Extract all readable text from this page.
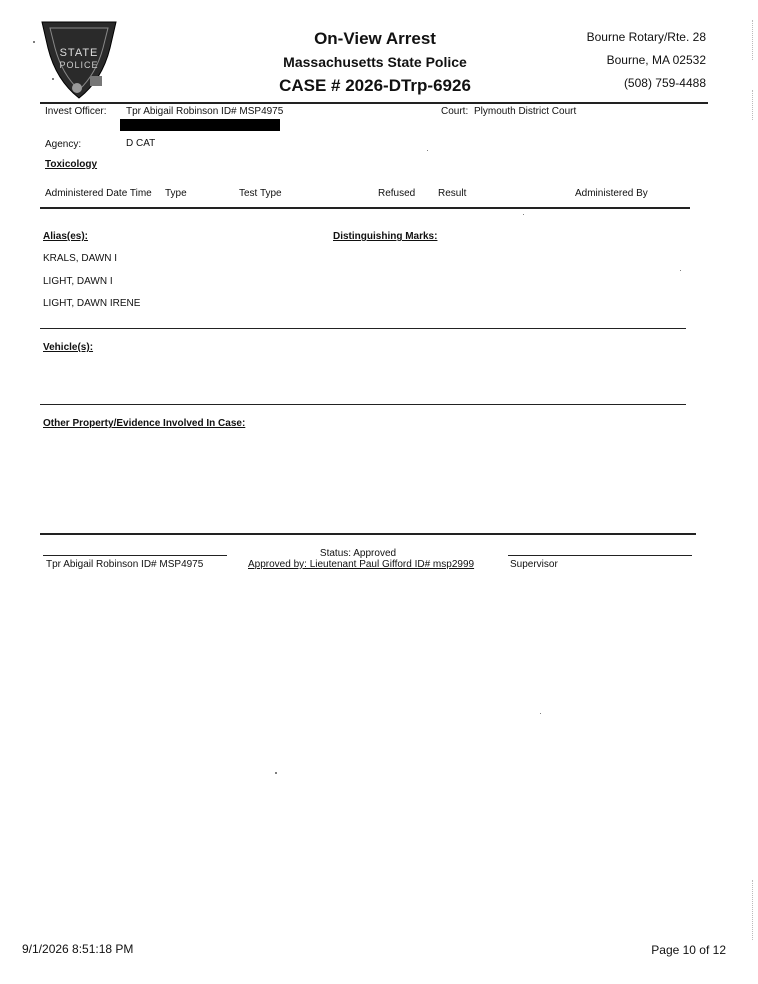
STATE
POLICE
On-View Arrest
Massachusetts State Police
CASE # 2026-DTrp-6926
Bourne Rotary/Rte. 28
Bourne, MA 02532
(508) 759-4488
Invest Officer: Tpr Abigail Robinson ID# MSP4975	Court: Plymouth District Court
Agency:	D CAT
Toxicology
Administered Date Time Type	Test Type	Refused Result	Administered By
Alias(es):	Distinguishing Marks:
KRALS, DAWN I
LIGHT, DAWN I
LIGHT, DAWN IRENE
Vehicle(s):
Other Property/Evidence Involved In Case:
Tpr Abigail Robinson ID# MSP4975
Status: Approved
Approved by: Lieutenant Paul Gifford ID# msp2999	Supervisor
9/1/2026 8:51:18 PM	Page 10 of 12
